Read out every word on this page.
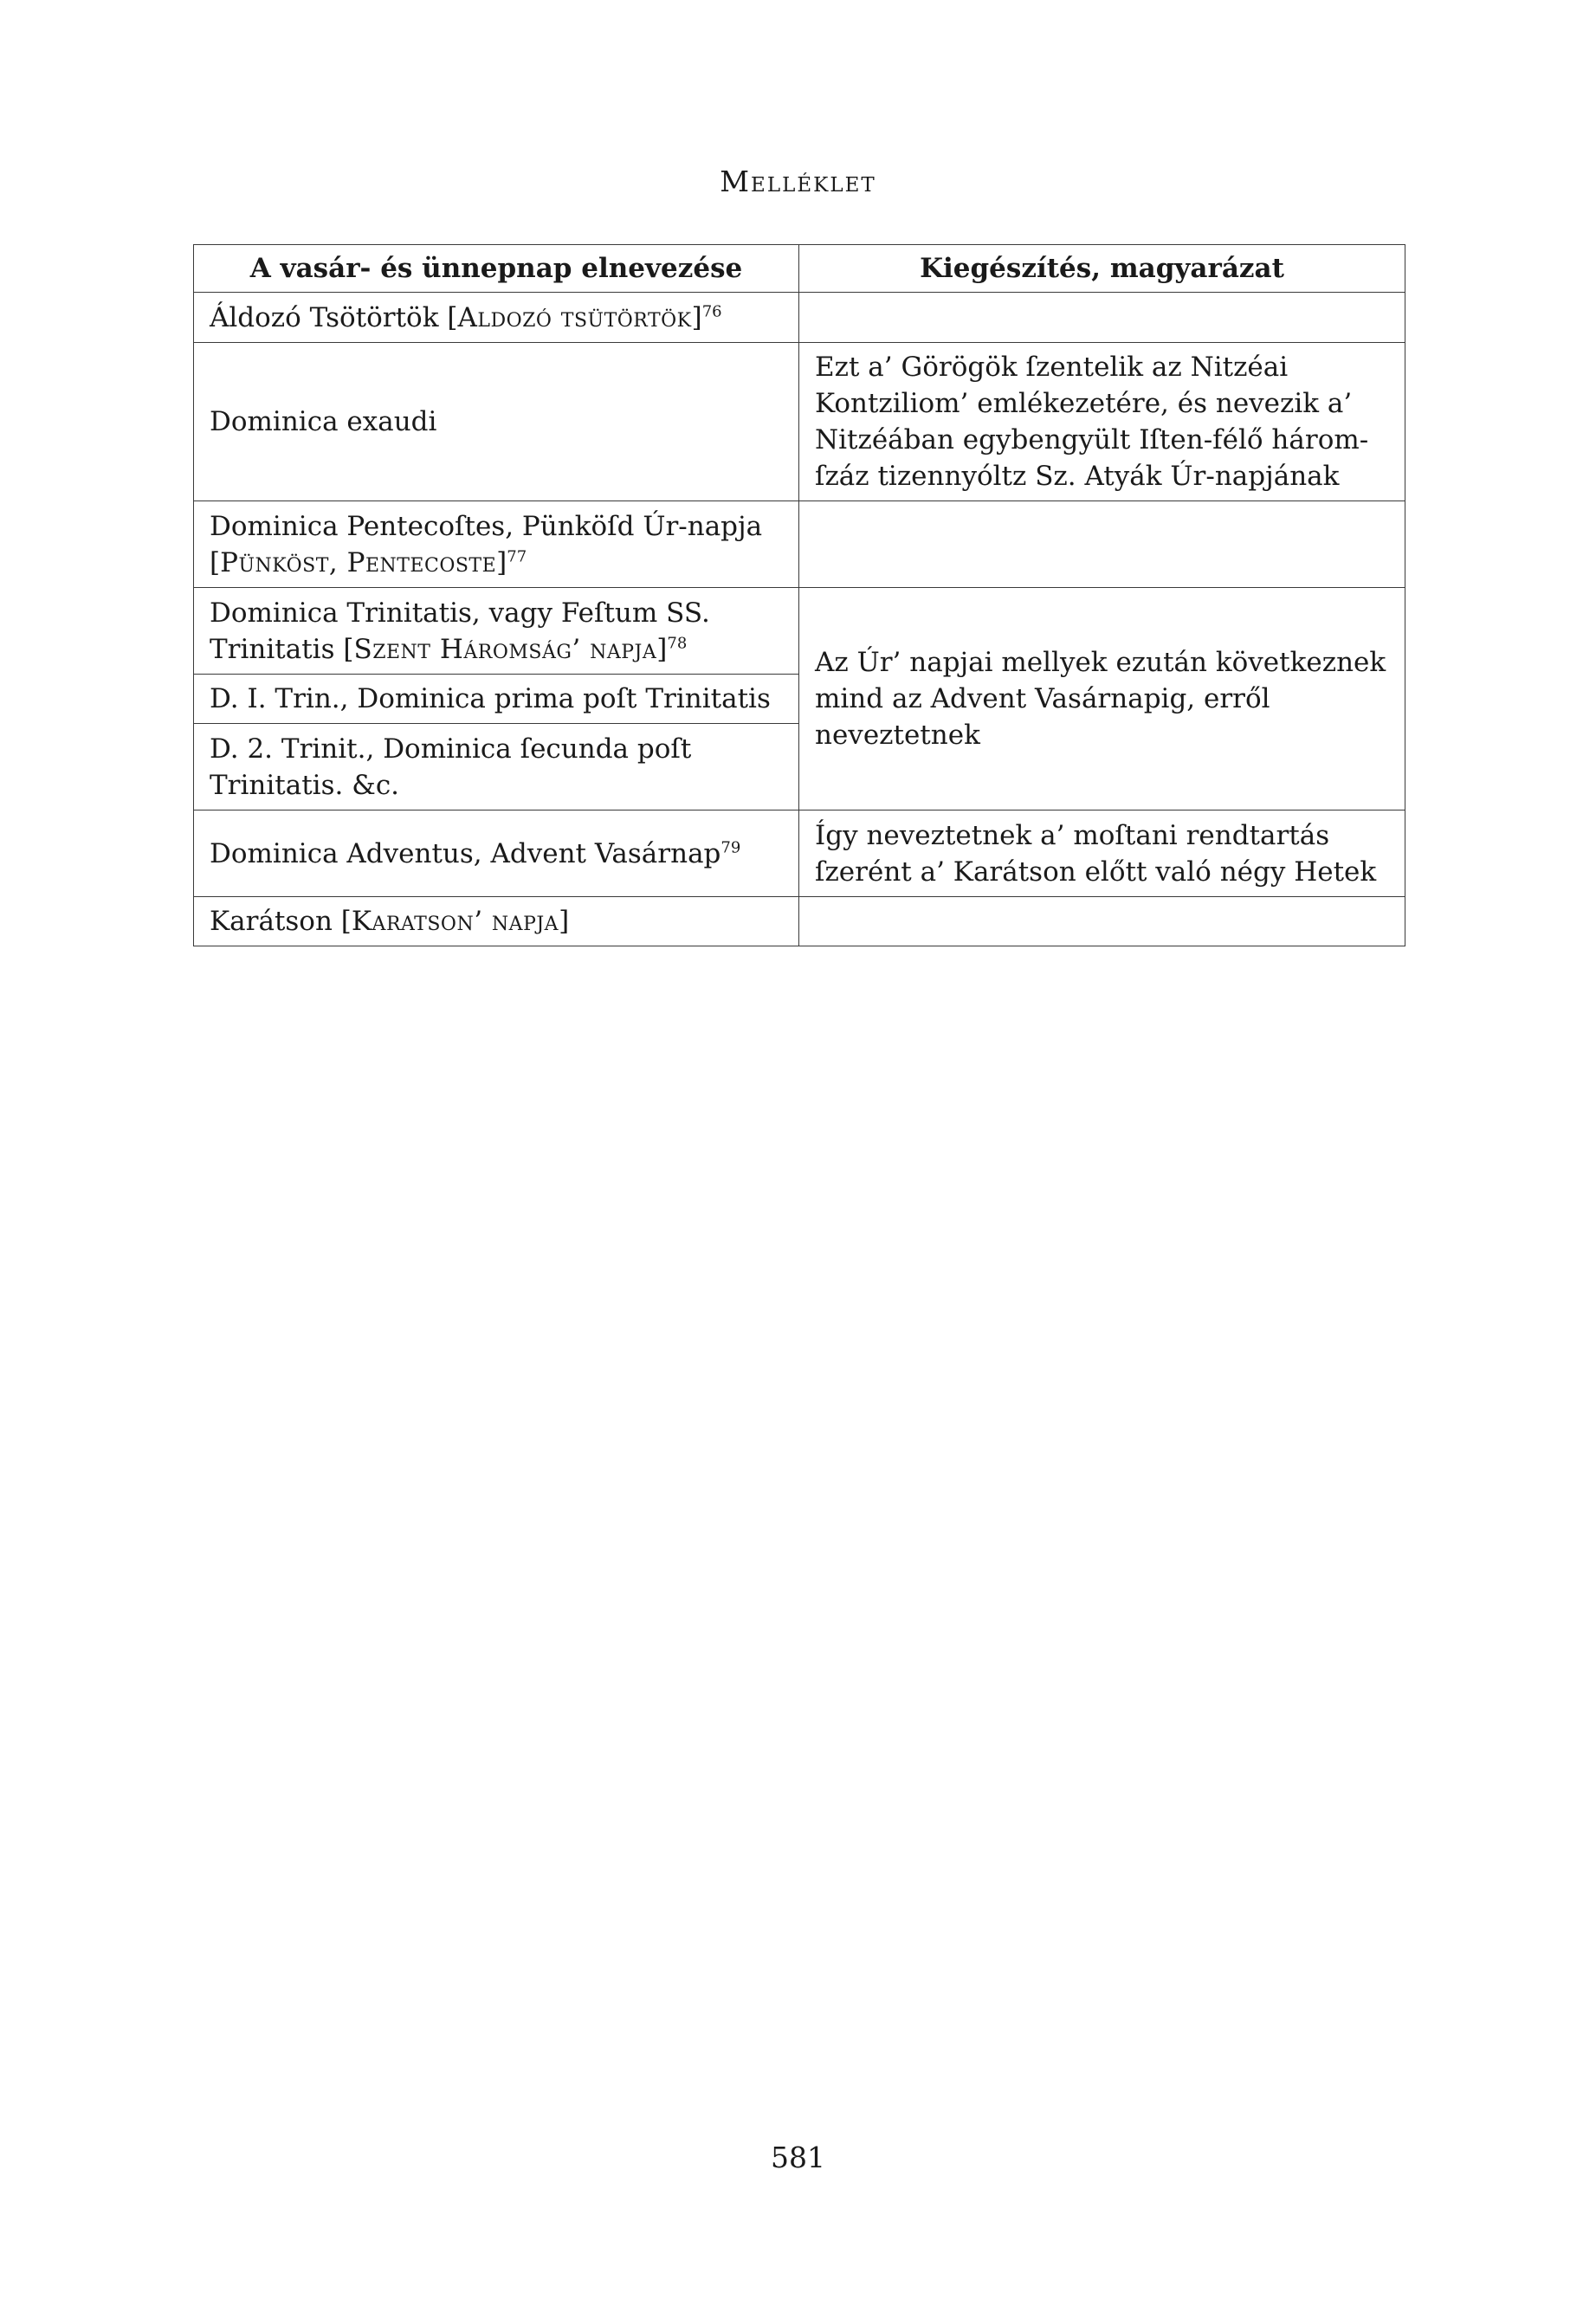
Melléklet
A vasár- és ünnepnap elnevezése	Kiegészítés, magyarázat
Áldozó Tsötörtök [Aldozó tsütörtök]$^{76}$	
Dominica exaudi	Ezt a’ Görögök ſzentelik az Nitzéai Kontziliom’ emlékezetére, és nevezik a’ Nitzéában egybengyült Iſten-félő három-ſzáz tizennyóltz Sz. Atyák Úr-napjának
Dominica Pentecoſtes, Pünköſd Úr-napja [Pünköst, Pentecoste]$^{77}$	
Dominica Trinitatis, vagy Feſtum SS. Trinitatis [Szent Háromság’ napja]$^{78}$	Az Úr’ napjai mellyek ezután következnek mind az Advent Vasárnapig, erről neveztetnek
D. I. Trin., Dominica prima poſt Trinitatis	
D. 2. Trinit., Dominica ſecunda poſt Trinitatis. &c.	
Dominica Adventus, Advent Vasárnap$^{79}$	Így neveztetnek a’ moſtani rendtartás ſzerént a’ Karátson előtt való négy Hetek
Karátson [Karatson’ napja]	
581
